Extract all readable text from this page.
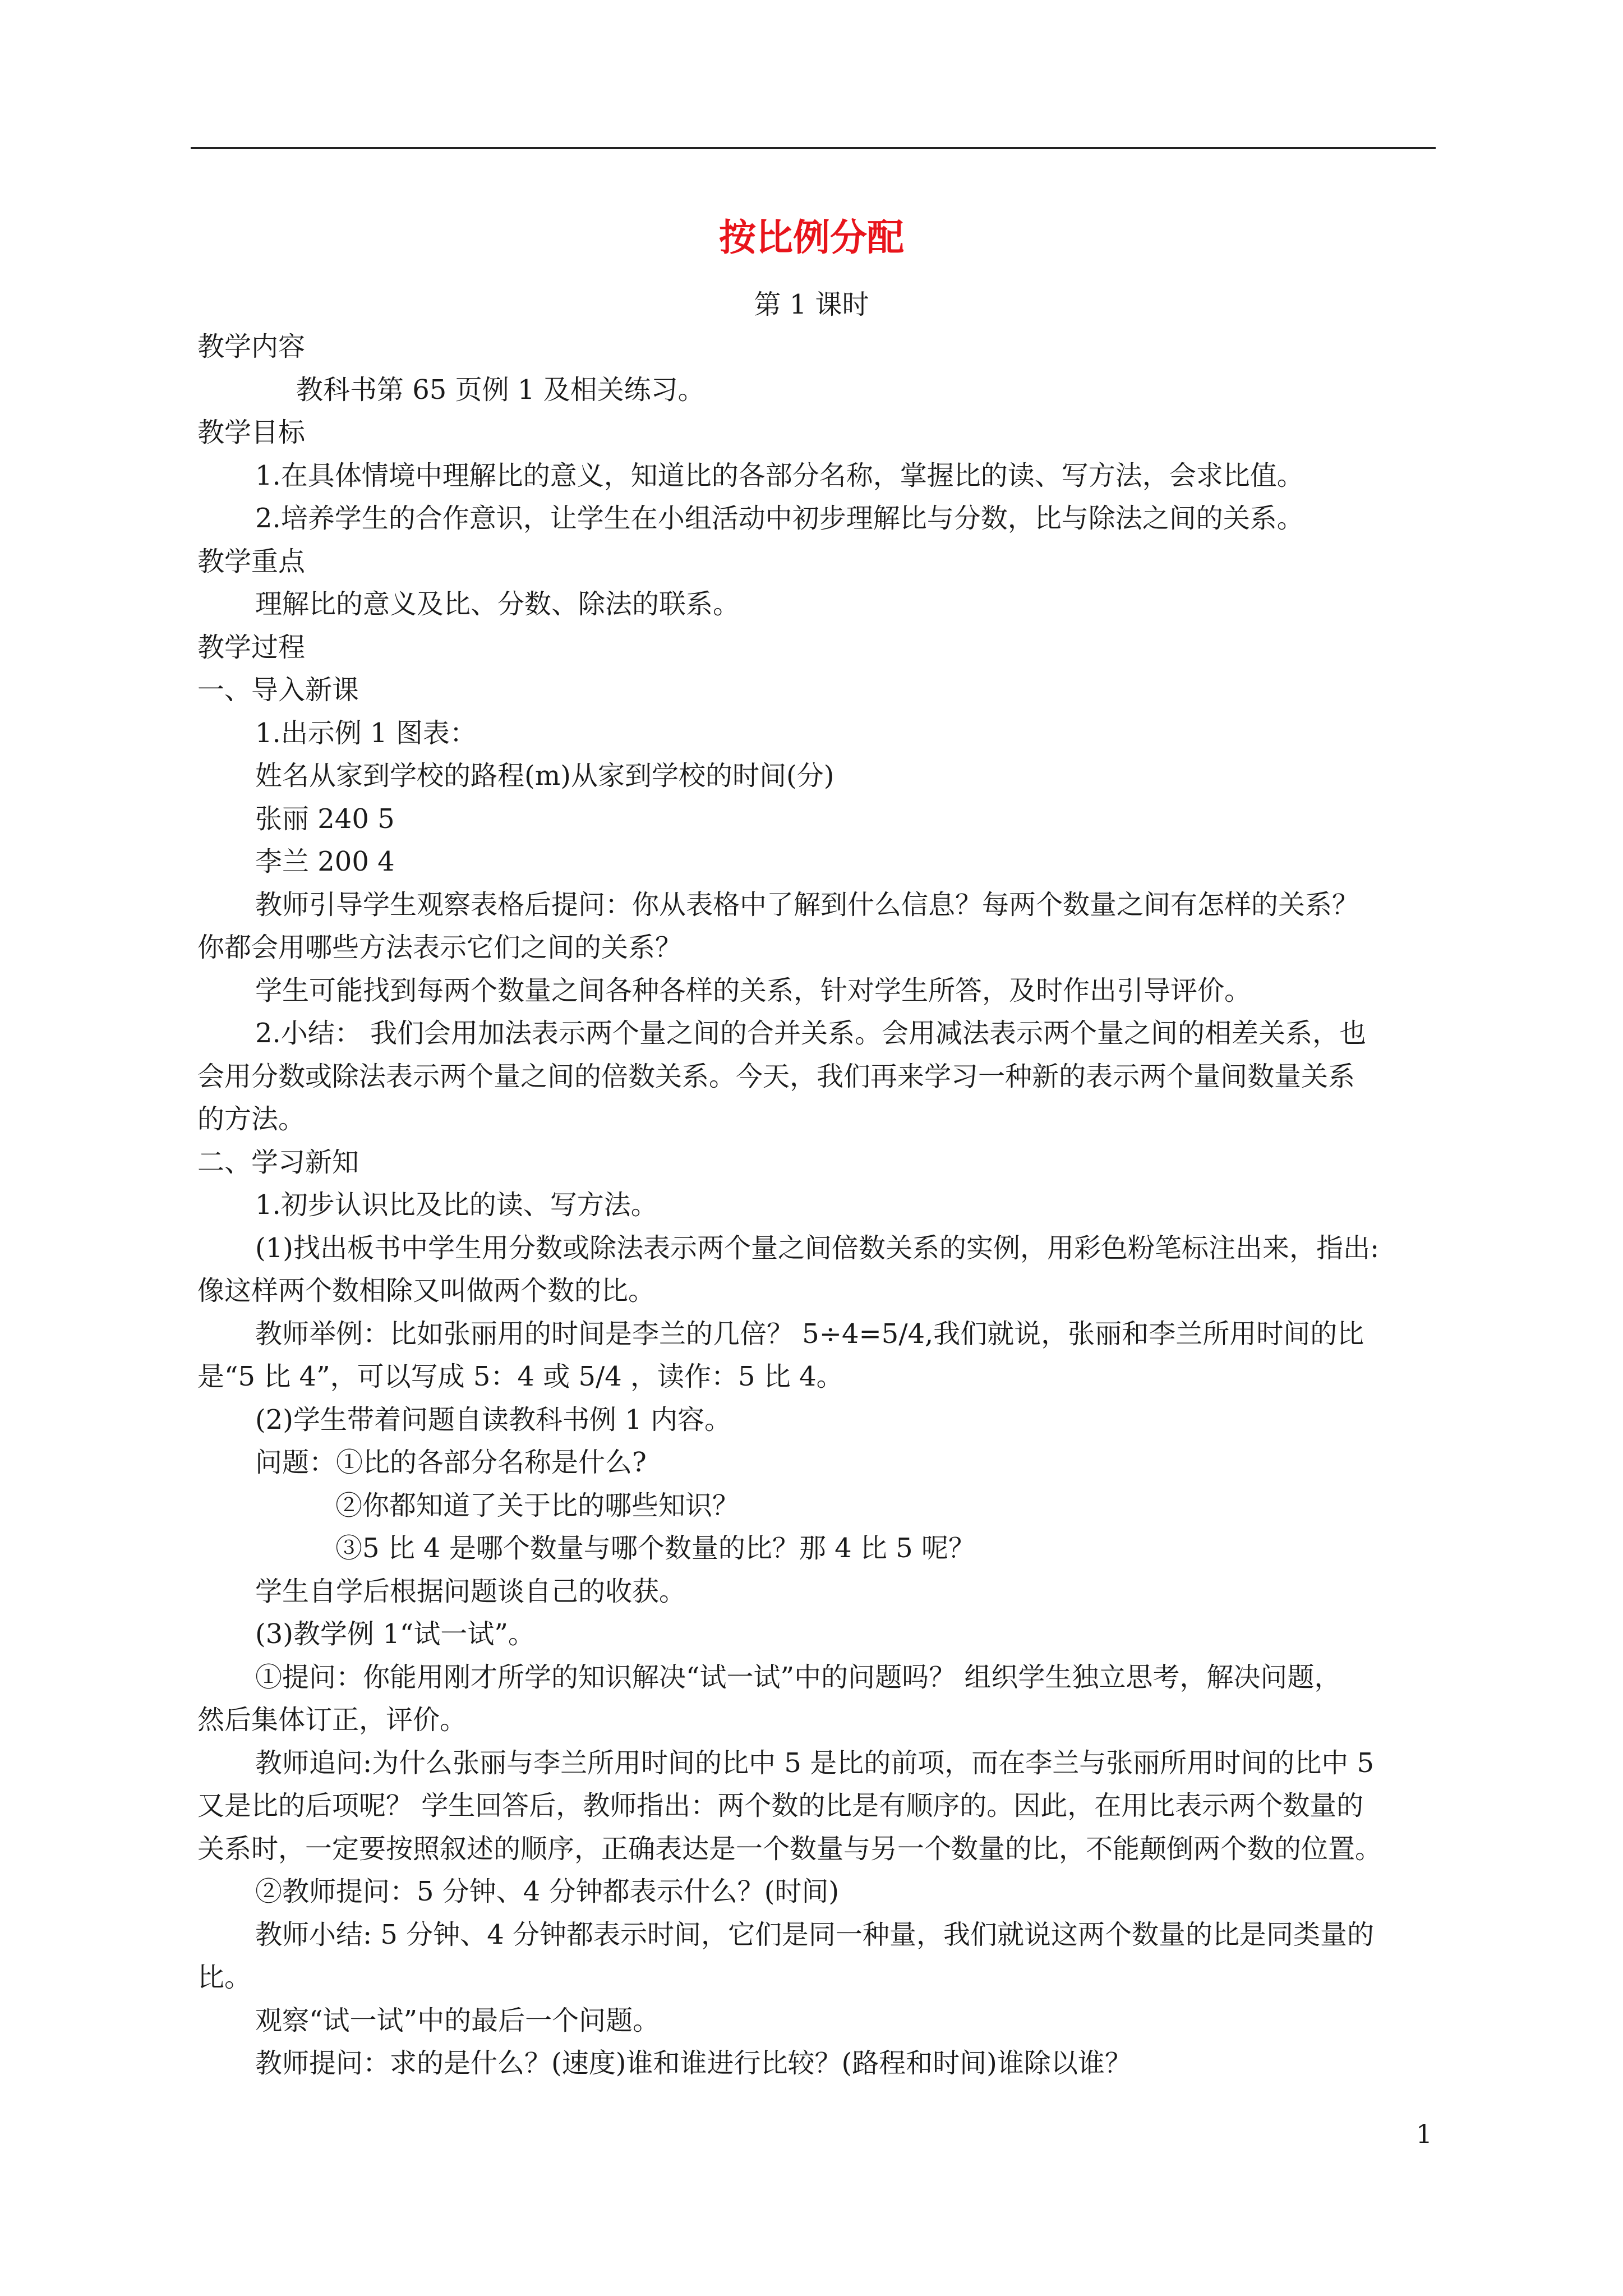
按比例分配
第 1 课时

教学内容

教科书第 65 页例 1 及相关练习。

教学目标

1.在具体情境中理解比的意义，知道比的各部分名称，掌握比的读、写方法，会求比值。

2.培养学生的合作意识，让学生在小组活动中初步理解比与分数，比与除法之间的关系。

教学重点

理解比的意义及比、分数、除法的联系。

教学过程

一、导入新课

1.出示例 1 图表：

姓名从家到学校的路程(m)从家到学校的时间(分)

张丽 240 5

李兰 200 4

教师引导学生观察表格后提问：你从表格中了解到什么信息？每两个数量之间有怎样的关系？

你都会用哪些方法表示它们之间的关系？

学生可能找到每两个数量之间各种各样的关系，针对学生所答，及时作出引导评价。

2.小结： 我们会用加法表示两个量之间的合并关系。会用减法表示两个量之间的相差关系，也

会用分数或除法表示两个量之间的倍数关系。今天，我们再来学习一种新的表示两个量间数量关系

的方法。

二、学习新知

1.初步认识比及比的读、写方法。

(1)找出板书中学生用分数或除法表示两个量之间倍数关系的实例，用彩色粉笔标注出来，指出:

像这样两个数相除又叫做两个数的比。

教师举例：比如张丽用的时间是李兰的几倍？ 5÷4=5/4,我们就说，张丽和李兰所用时间的比

是“5 比 4”，可以写成 5：4 或 5/4 ，读作：5 比 4。

(2)学生带着问题自读教科书例 1 内容。

问题：①比的各部分名称是什么?

②你都知道了关于比的哪些知识？

③5 比 4 是哪个数量与哪个数量的比？那 4 比 5 呢？

学生自学后根据问题谈自己的收获。

(3)教学例 1“试一试”。

①提问：你能用刚才所学的知识解决“试一试”中的问题吗？ 组织学生独立思考，解决问题，

然后集体订正，评价。

教师追问:为什么张丽与李兰所用时间的比中 5 是比的前项，而在李兰与张丽所用时间的比中 5

又是比的后项呢？ 学生回答后，教师指出：两个数的比是有顺序的。因此，在用比表示两个数量的

关系时，一定要按照叙述的顺序，正确表达是一个数量与另一个数量的比，不能颠倒两个数的位置。

②教师提问：5 分钟、4 分钟都表示什么？(时间)

教师小结: 5 分钟、4 分钟都表示时间，它们是同一种量，我们就说这两个数量的比是同类量的

比。

观察“试一试”中的最后一个问题。

教师提问：求的是什么？(速度)谁和谁进行比较？(路程和时间)谁除以谁？

1
